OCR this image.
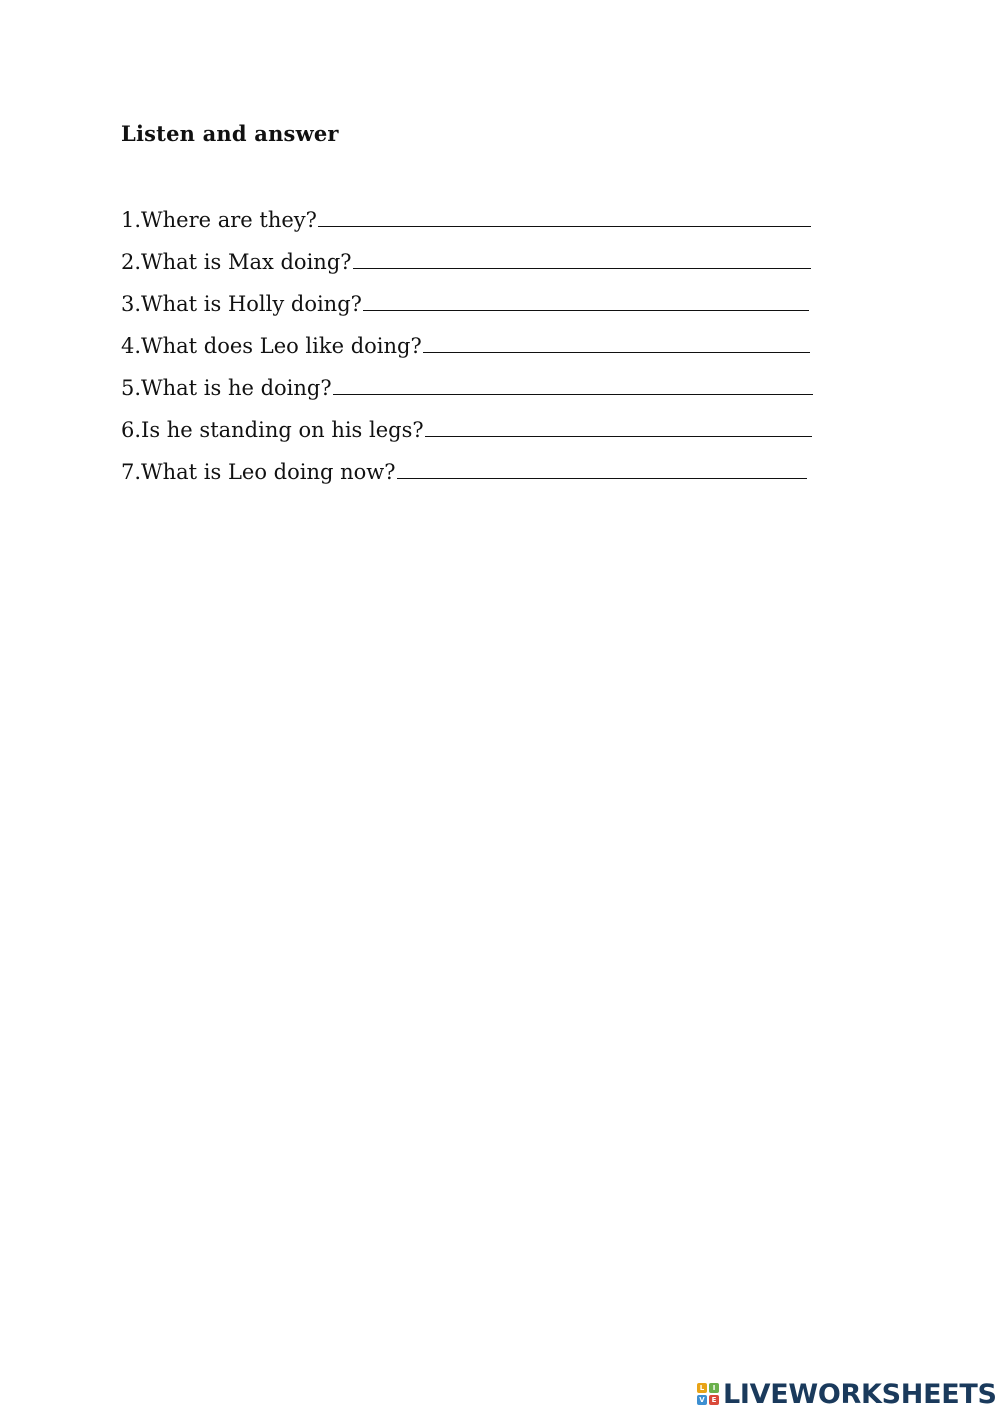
Listen and answer
1.Where are they?
2.What is Max doing?
3.What is Holly doing?
4.What does Leo like doing?
5.What is he doing?
6.Is he standing on his legs?
7.What is Leo doing now?
L	I
V E LIVEWORKSHEETS
